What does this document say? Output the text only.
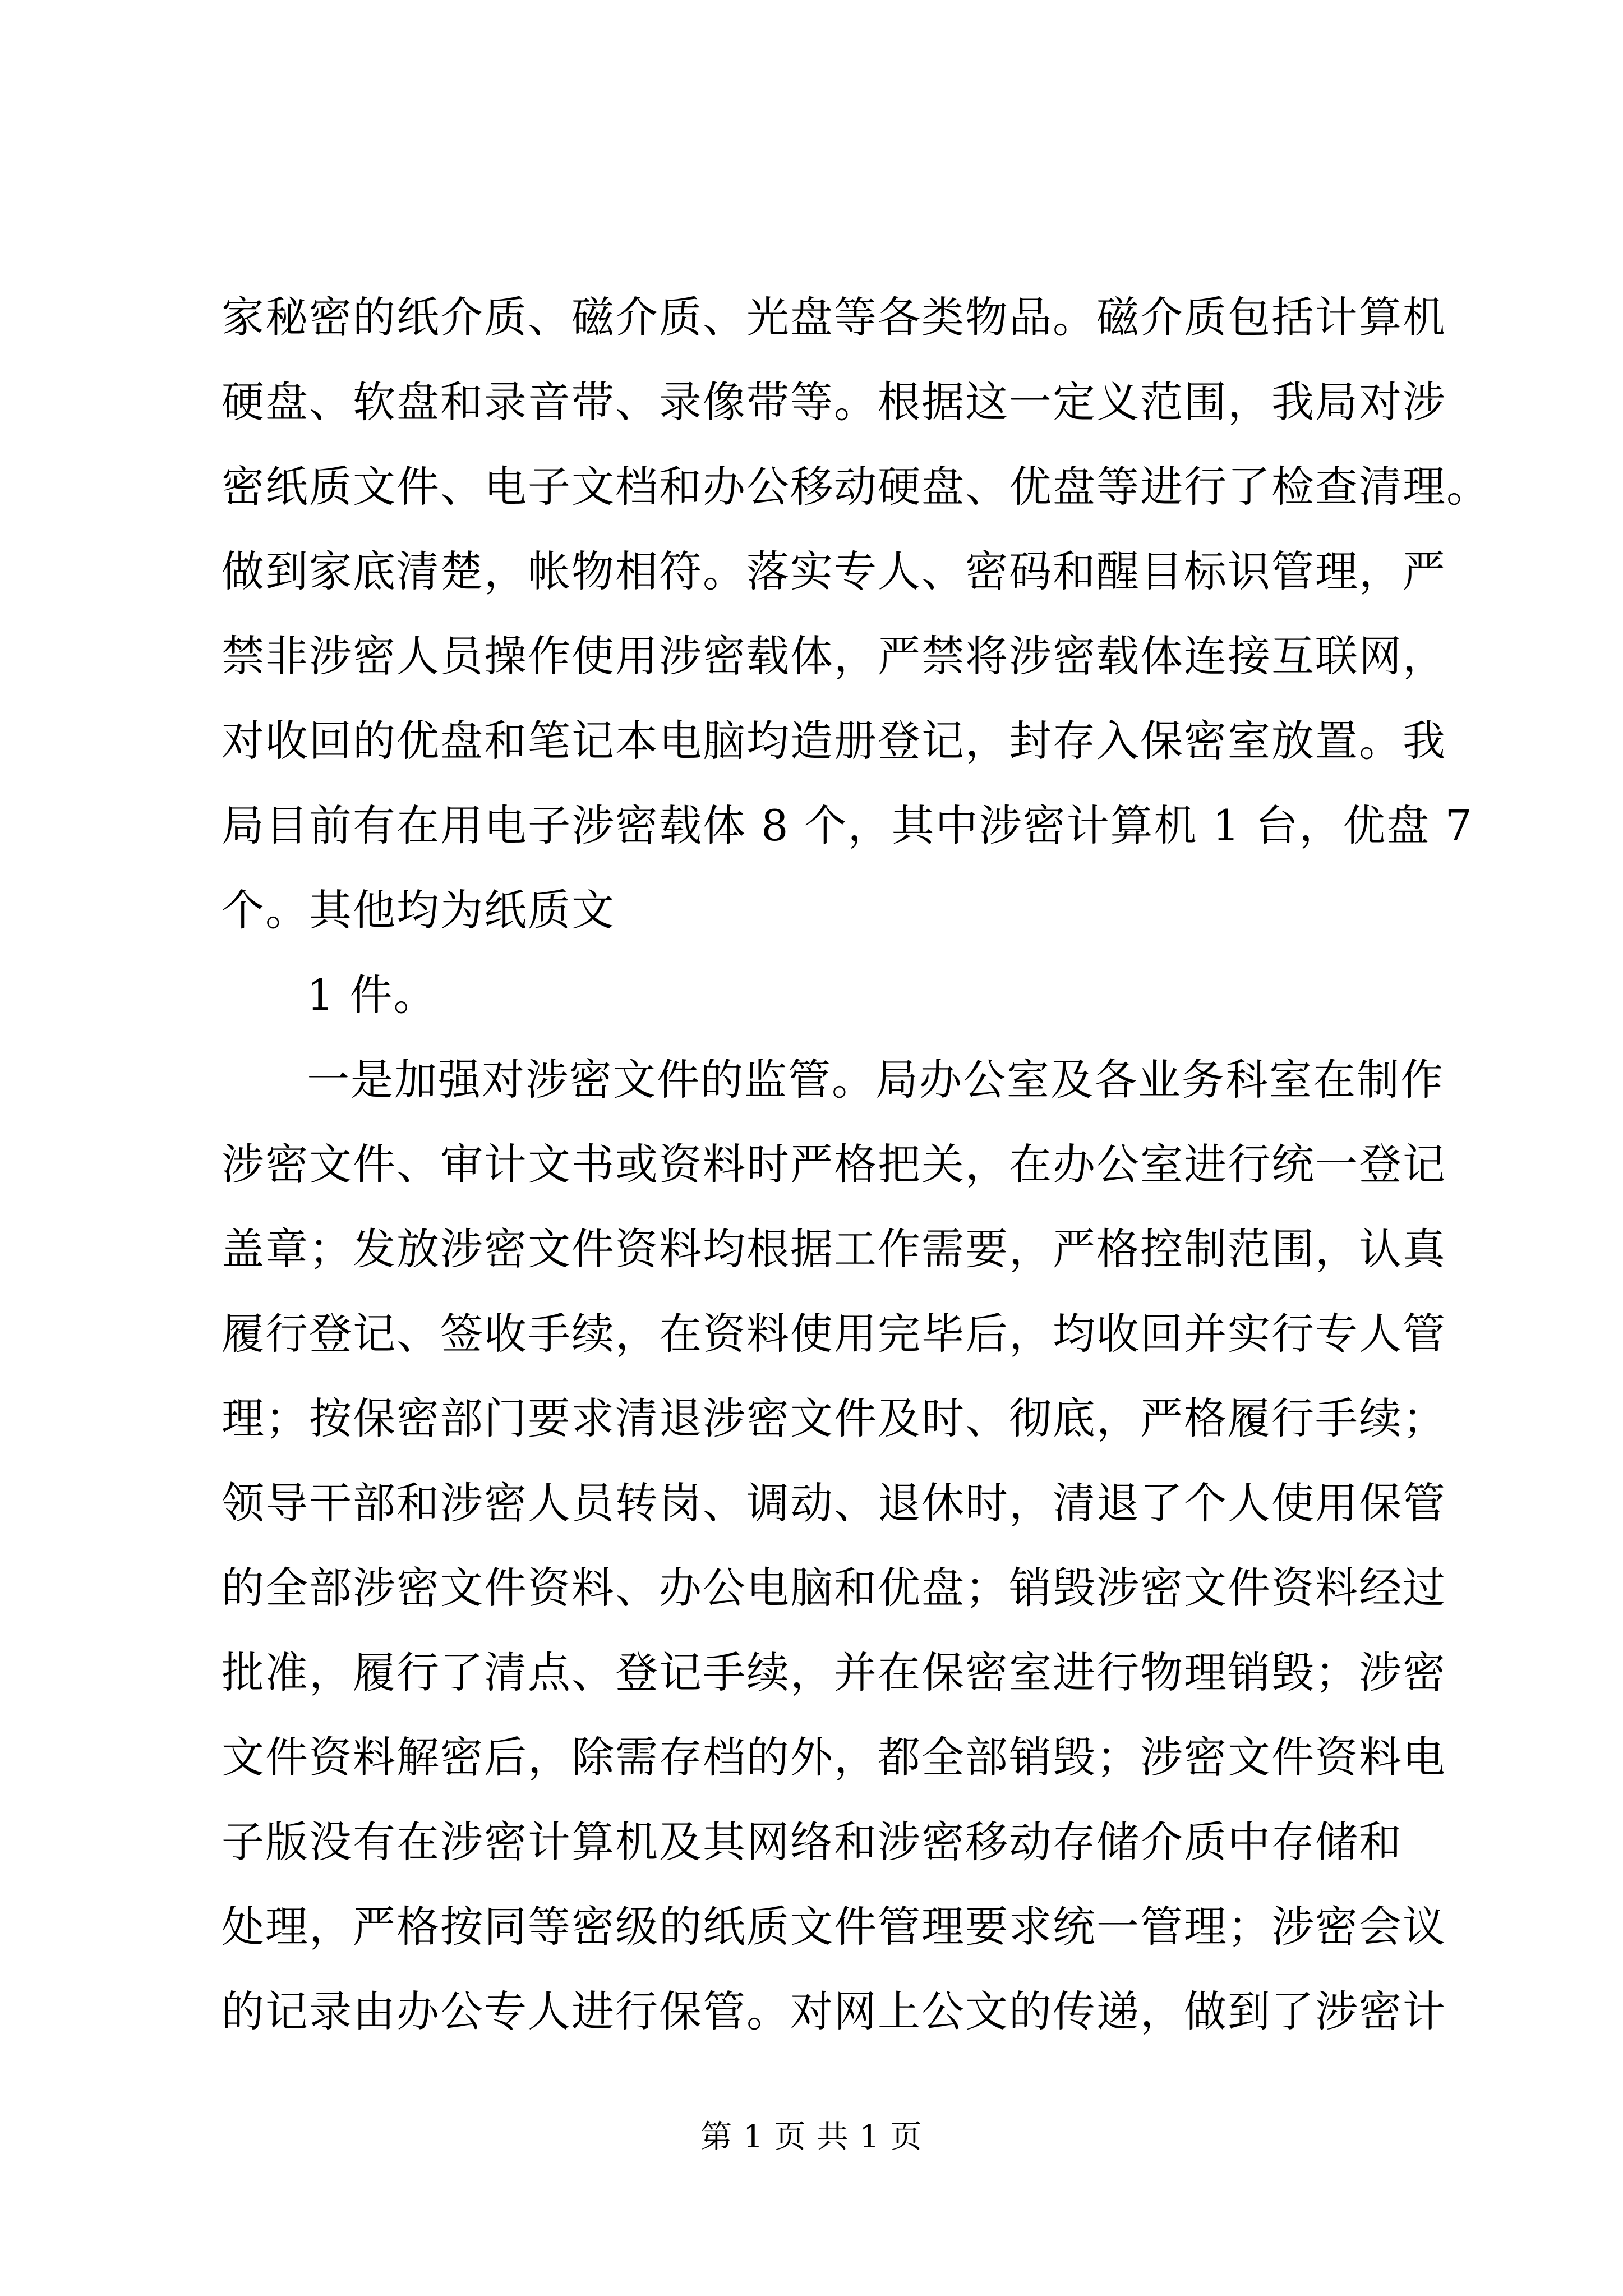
家秘密的纸介质、磁介质、光盘等各类物品。磁介质包括计算机
硬盘、软盘和录音带、录像带等。根据这一定义范围，我局对涉
密纸质文件、电子文档和办公移动硬盘、优盘等进行了检查清理。
做到家底清楚，帐物相符。落实专人、密码和醒目标识管理，严
禁非涉密人员操作使用涉密载体，严禁将涉密载体连接互联网，
对收回的优盘和笔记本电脑均造册登记，封存入保密室放置。我
局目前有在用电子涉密载体 8 个，其中涉密计算机 1 台，优盘 7
个。其他均为纸质文
1 件。
一是加强对涉密文件的监管。局办公室及各业务科室在制作
涉密文件、审计文书或资料时严格把关，在办公室进行统一登记
盖章；发放涉密文件资料均根据工作需要，严格控制范围，认真
履行登记、签收手续，在资料使用完毕后，均收回并实行专人管
理；按保密部门要求清退涉密文件及时、彻底，严格履行手续；
领导干部和涉密人员转岗、调动、退休时，清退了个人使用保管
的全部涉密文件资料、办公电脑和优盘；销毁涉密文件资料经过
批准，履行了清点、登记手续，并在保密室进行物理销毁；涉密
文件资料解密后，除需存档的外，都全部销毁；涉密文件资料电
子版没有在涉密计算机及其网络和涉密移动存储介质中存储和
处理，严格按同等密级的纸质文件管理要求统一管理；涉密会议
的记录由办公专人进行保管。对网上公文的传递，做到了涉密计
第 1 页 共 1 页
